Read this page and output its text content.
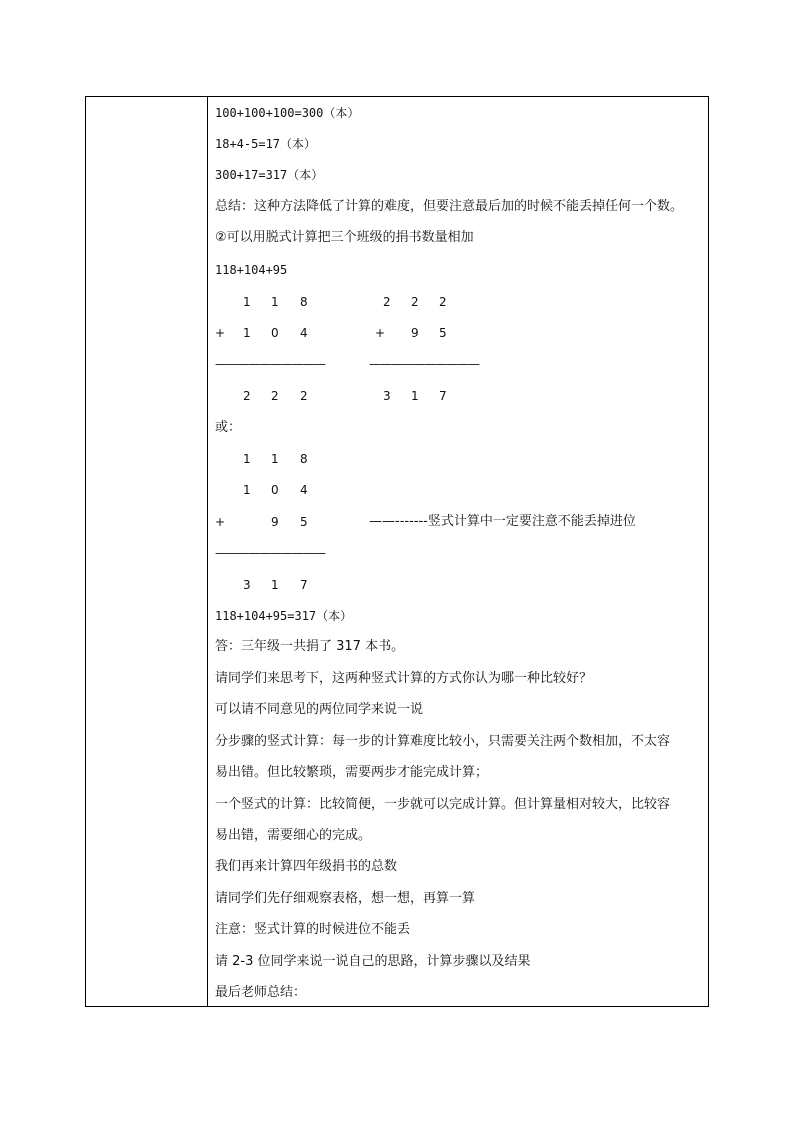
100+100+100=300（本）
18+4-5=17（本）
300+17=317（本）
总结：这种方法降低了计算的难度，但要注意最后加的时候不能丢掉任何一个数。
②可以用脱式计算把三个班级的捐书数量相加
118+104+95
1 1 8
+ 1 0 4
——————————
2 2 2
2 2 2
+ 9 5
——————————
3 1 7
或：
1 1 8
1 0 4
+	9 5	——-------竖式计算中一定要注意不能丢掉进位
——————————
3 1 7
118+104+95=317（本）
答：三年级一共捐了 317 本书。
请同学们来思考下，这两种竖式计算的方式你认为哪一种比较好？
可以请不同意见的两位同学来说一说
分步骤的竖式计算：每一步的计算难度比较小，只需要关注两个数相加，不太容
易出错。但比较繁琐，需要两步才能完成计算；
一个竖式的计算：比较简便，一步就可以完成计算。但计算量相对较大，比较容
易出错，需要细心的完成。
我们再来计算四年级捐书的总数
请同学们先仔细观察表格，想一想，再算一算
注意：竖式计算的时候进位不能丢
请 2-3 位同学来说一说自己的思路，计算步骤以及结果
最后老师总结：
